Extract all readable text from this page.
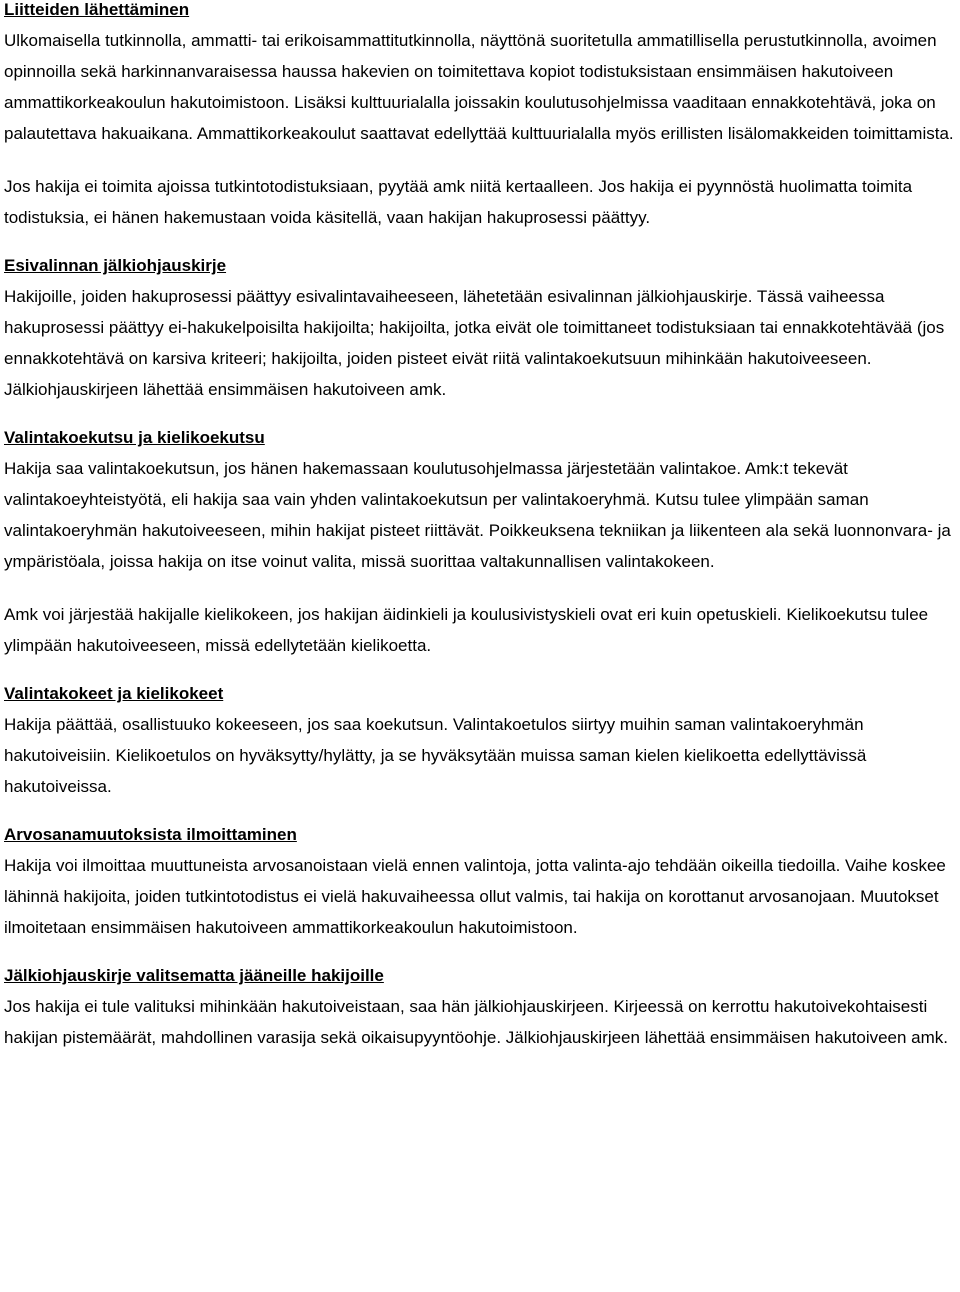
Liitteiden lähettäminen

Ulkomaisella tutkinnolla, ammatti- tai erikoisammattitutkinnolla, näyttönä suoritetulla ammatillisella perustutkinnolla, avoimen opinnoilla sekä harkinnanvaraisessa haussa hakevien on toimitettava kopiot todistuksistaan ensimmäisen hakutoiveen ammattikorkeakoulun hakutoimistoon. Lisäksi kulttuurialalla joissakin koulutusohjelmissa vaaditaan ennakkotehtävä, joka on palautettava hakuaikana. Ammattikorkeakoulut saattavat edellyttää kulttuurialalla myös erillisten lisälomakkeiden toimittamista.

Jos hakija ei toimita ajoissa tutkintotodistuksiaan, pyytää amk niitä kertaalleen. Jos hakija ei pyynnöstä huolimatta toimita todistuksia, ei hänen hakemustaan voida käsitellä, vaan hakijan hakuprosessi päättyy.

Esivalinnan jälkiohjauskirje

Hakijoille, joiden hakuprosessi päättyy esivalintavaiheeseen, lähetetään esivalinnan jälkiohjauskirje. Tässä vaiheessa hakuprosessi päättyy ei-hakukelpoisilta hakijoilta; hakijoilta, jotka eivät ole toimittaneet todistuksiaan tai ennakkotehtävää (jos ennakkotehtävä on karsiva kriteeri; hakijoilta, joiden pisteet eivät riitä valintakoekutsuun mihinkään hakutoiveeseen. Jälkiohjauskirjeen lähettää ensimmäisen hakutoiveen amk.

Valintakoekutsu ja kielikoekutsu

Hakija saa valintakoekutsun, jos hänen hakemassaan koulutusohjelmassa järjestetään valintakoe. Amk:t tekevät valintakoeyhteistyötä, eli hakija saa vain yhden valintakoekutsun per valintakoeryhmä. Kutsu tulee ylimpään saman valintakoeryhmän hakutoiveeseen, mihin hakijat pisteet riittävät. Poikkeuksena tekniikan ja liikenteen ala sekä luonnonvara- ja ympäristöala, joissa hakija on itse voinut valita, missä suorittaa valtakunnallisen valintakokeen.

Amk voi järjestää hakijalle kielikokeen, jos hakijan äidinkieli ja koulusivistyskieli ovat eri kuin opetuskieli. Kielikoekutsu tulee ylimpään hakutoiveeseen, missä edellytetään kielikoetta.

Valintakokeet ja kielikokeet

Hakija päättää, osallistuuko kokeeseen, jos saa koekutsun. Valintakoetulos siirtyy muihin saman valintakoeryhmän hakutoiveisiin. Kielikoetulos on hyväksytty/hylätty, ja se hyväksytään muissa saman kielen kielikoetta edellyttävissä hakutoiveissa.

Arvosanamuutoksista ilmoittaminen

Hakija voi ilmoittaa muuttuneista arvosanoistaan vielä ennen valintoja, jotta valinta-ajo tehdään oikeilla tiedoilla. Vaihe koskee lähinnä hakijoita, joiden tutkintotodistus ei vielä hakuvaiheessa ollut valmis, tai hakija on korottanut arvosanojaan. Muutokset ilmoitetaan ensimmäisen hakutoiveen ammattikorkeakoulun hakutoimistoon.

Jälkiohjauskirje valitsematta jääneille hakijoille

Jos hakija ei tule valituksi mihinkään hakutoiveistaan, saa hän jälkiohjauskirjeen. Kirjeessä on kerrottu hakutoivekohtaisesti hakijan pistemäärät, mahdollinen varasija sekä oikaisupyyntöohje. Jälkiohjauskirjeen lähettää ensimmäisen hakutoiveen amk.
